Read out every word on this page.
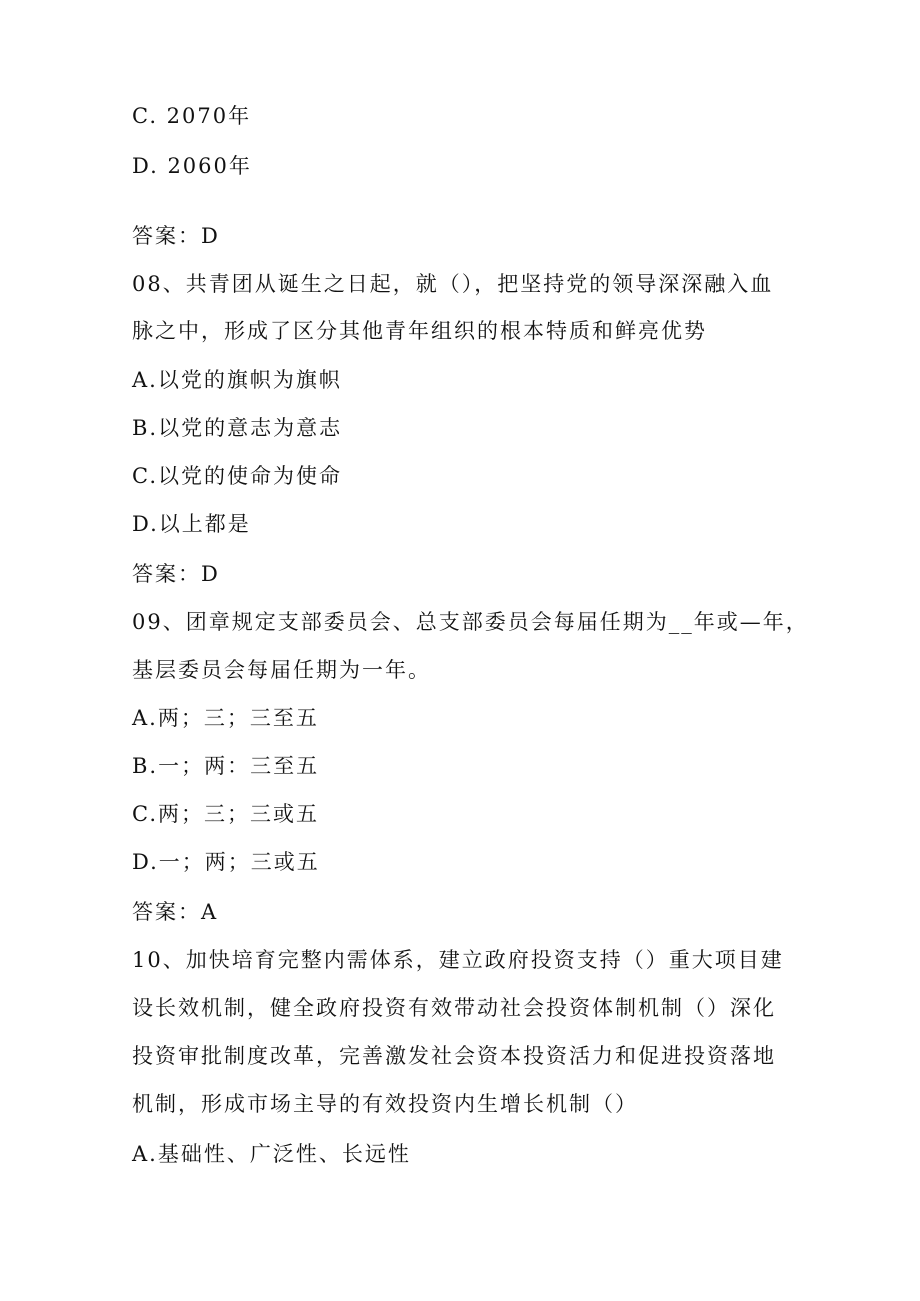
C. 2070年
D. 2060年
答案：D
08、共青团从诞生之日起，就（），把坚持党的领导深深融入血
脉之中，形成了区分其他青年组织的根本特质和鲜亮优势
A.以党的旗帜为旗帜
B.以党的意志为意志
C.以党的使命为使命
D.以上都是
答案：D
09、团章规定支部委员会、总支部委员会每届任期为__年或—年，
基层委员会每届任期为一年。
A.两；三；三至五
B.一；两：三至五
C.两；三；三或五
D.一；两；三或五
答案：A
10、加快培育完整内需体系，建立政府投资支持（）重大项目建
设长效机制，健全政府投资有效带动社会投资体制机制（）深化
投资审批制度改革，完善激发社会资本投资活力和促进投资落地
机制，形成市场主导的有效投资内生增长机制（）
A.基础性、广泛性、长远性
